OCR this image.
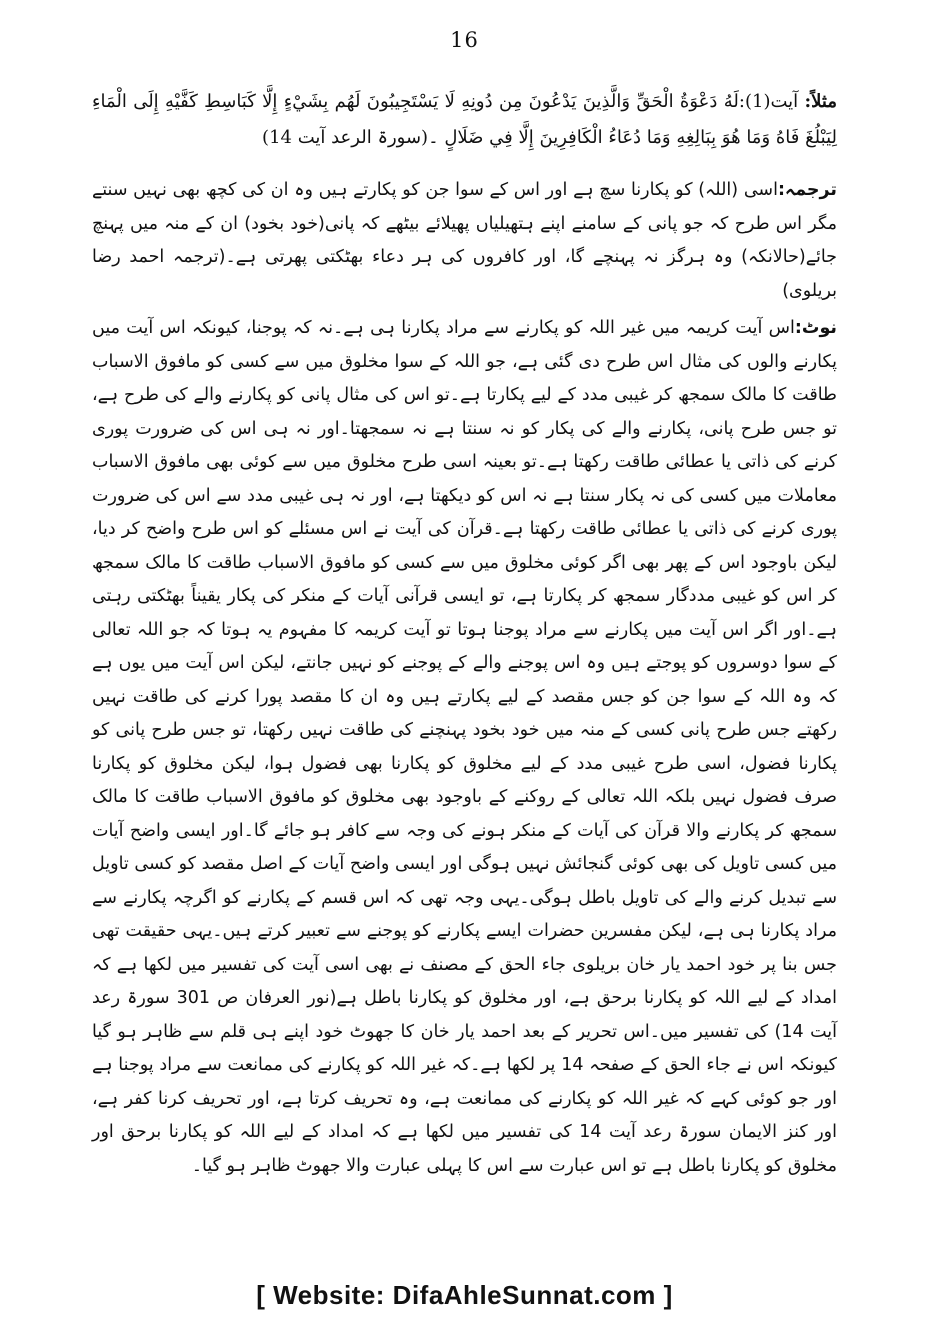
16

مثلاً: آیت(1):لَهُ دَعْوَةُ الْحَقِّ وَالَّذِينَ يَدْعُونَ مِن دُونِهِ لَا يَسْتَجِيبُونَ لَهُم بِشَيْءٍ إِلَّا كَبَاسِطِ كَفَّيْهِ إِلَى الْمَاءِ لِيَبْلُغَ فَاهُ وَمَا هُوَ بِبَالِغِهِ وَمَا دُعَاءُ الْكَافِرِينَ إِلَّا فِي ضَلَالٍ ۔(سورۃ الرعد آیت 14)

ترجمہ:اسی (اللہ) کو پکارنا سچ ہے اور اس کے سوا جن کو پکارتے ہیں وہ ان کی کچھ بھی نہیں سنتے مگر اس طرح کہ جو پانی کے سامنے اپنے ہتھیلیاں پھیلائے بیٹھے کہ پانی(خود بخود) ان کے منہ میں پہنچ جائے(حالانکہ) وہ ہرگز نہ پہنچے گا، اور کافروں کی ہر دعاء بھٹکتی پھرتی ہے۔(ترجمہ احمد رضا بریلوی)

نوٹ:اس آیت کریمہ میں غیر اللہ کو پکارنے سے مراد پکارنا ہی ہے۔نہ کہ پوجنا، کیونکہ اس آیت میں پکارنے والوں کی مثال اس طرح دی گئی ہے، جو اللہ کے سوا مخلوق میں سے کسی کو مافوق الاسباب طاقت کا مالک سمجھ کر غیبی مدد کے لیے پکارتا ہے۔تو اس کی مثال پانی کو پکارنے والے کی طرح ہے، تو جس طرح پانی، پکارنے والے کی پکار کو نہ سنتا ہے نہ سمجھتا۔اور نہ ہی اس کی ضرورت پوری کرنے کی ذاتی یا عطائی طاقت رکھتا ہے۔تو بعینہ اسی طرح مخلوق میں سے کوئی بھی مافوق الاسباب معاملات میں کسی کی نہ پکار سنتا ہے نہ اس کو دیکھتا ہے، اور نہ ہی غیبی مدد سے اس کی ضرورت پوری کرنے کی ذاتی یا عطائی طاقت رکھتا ہے۔قرآن کی آیت نے اس مسئلے کو اس طرح واضح کر دیا، لیکن باوجود اس کے پھر بھی اگر کوئی مخلوق میں سے کسی کو مافوق الاسباب طاقت کا مالک سمجھ کر اس کو غیبی مددگار سمجھ کر پکارتا ہے، تو ایسی قرآنی آیات کے منکر کی پکار یقیناً بھٹکتی رہتی ہے۔اور اگر اس آیت میں پکارنے سے مراد پوجنا ہوتا تو آیت کریمہ کا مفہوم یہ ہوتا کہ جو اللہ تعالی کے سوا دوسروں کو پوجتے ہیں وہ اس پوجنے والے کے پوجنے کو نہیں جانتے، لیکن اس آیت میں یوں ہے کہ وہ اللہ کے سوا جن کو جس مقصد کے لیے پکارتے ہیں وہ ان کا مقصد پورا کرنے کی طاقت نہیں رکھتے جس طرح پانی کسی کے منہ میں خود بخود پہنچنے کی طاقت نہیں رکھتا، تو جس طرح پانی کو پکارنا فضول، اسی طرح غیبی مدد کے لیے مخلوق کو پکارنا بھی فضول ہوا، لیکن مخلوق کو پکارنا صرف فضول نہیں بلکہ اللہ تعالی کے روکنے کے باوجود بھی مخلوق کو مافوق الاسباب طاقت کا مالک سمجھ کر پکارنے والا قرآن کی آیات کے منکر ہونے کی وجہ سے کافر ہو جائے گا۔اور ایسی واضح آیات میں کسی تاویل کی بھی کوئی گنجائش نہیں ہوگی اور ایسی واضح آیات کے اصل مقصد کو کسی تاویل سے تبدیل کرنے والے کی تاویل باطل ہوگی۔یہی وجہ تھی کہ اس قسم کے پکارنے کو اگرچہ پکارنے سے مراد پکارنا ہی ہے، لیکن مفسرین حضرات ایسے پکارنے کو پوجنے سے تعبیر کرتے ہیں۔یہی حقیقت تھی جس بنا پر خود احمد یار خان بریلوی جاء الحق کے مصنف نے بھی اسی آیت کی تفسیر میں لکھا ہے کہ امداد کے لیے اللہ کو پکارنا برحق ہے، اور مخلوق کو پکارنا باطل ہے(نور العرفان ص 301 سورۃ رعد آیت 14) کی تفسیر میں۔اس تحریر کے بعد احمد یار خان کا جھوٹ خود اپنے ہی قلم سے ظاہر ہو گیا کیونکہ اس نے جاء الحق کے صفحہ 14 پر لکھا ہے۔کہ غیر اللہ کو پکارنے کی ممانعت سے مراد پوجنا ہے اور جو کوئی کہے کہ غیر اللہ کو پکارنے کی ممانعت ہے، وہ تحریف کرتا ہے، اور تحریف کرنا کفر ہے، اور کنز الایمان سورۃ رعد آیت 14 کی تفسیر میں لکھا ہے کہ امداد کے لیے اللہ کو پکارنا برحق اور مخلوق کو پکارنا باطل ہے تو اس عبارت سے اس کا پہلی عبارت والا جھوٹ ظاہر ہو گیا۔

[ Website: DifaAhleSunnat.com ]
